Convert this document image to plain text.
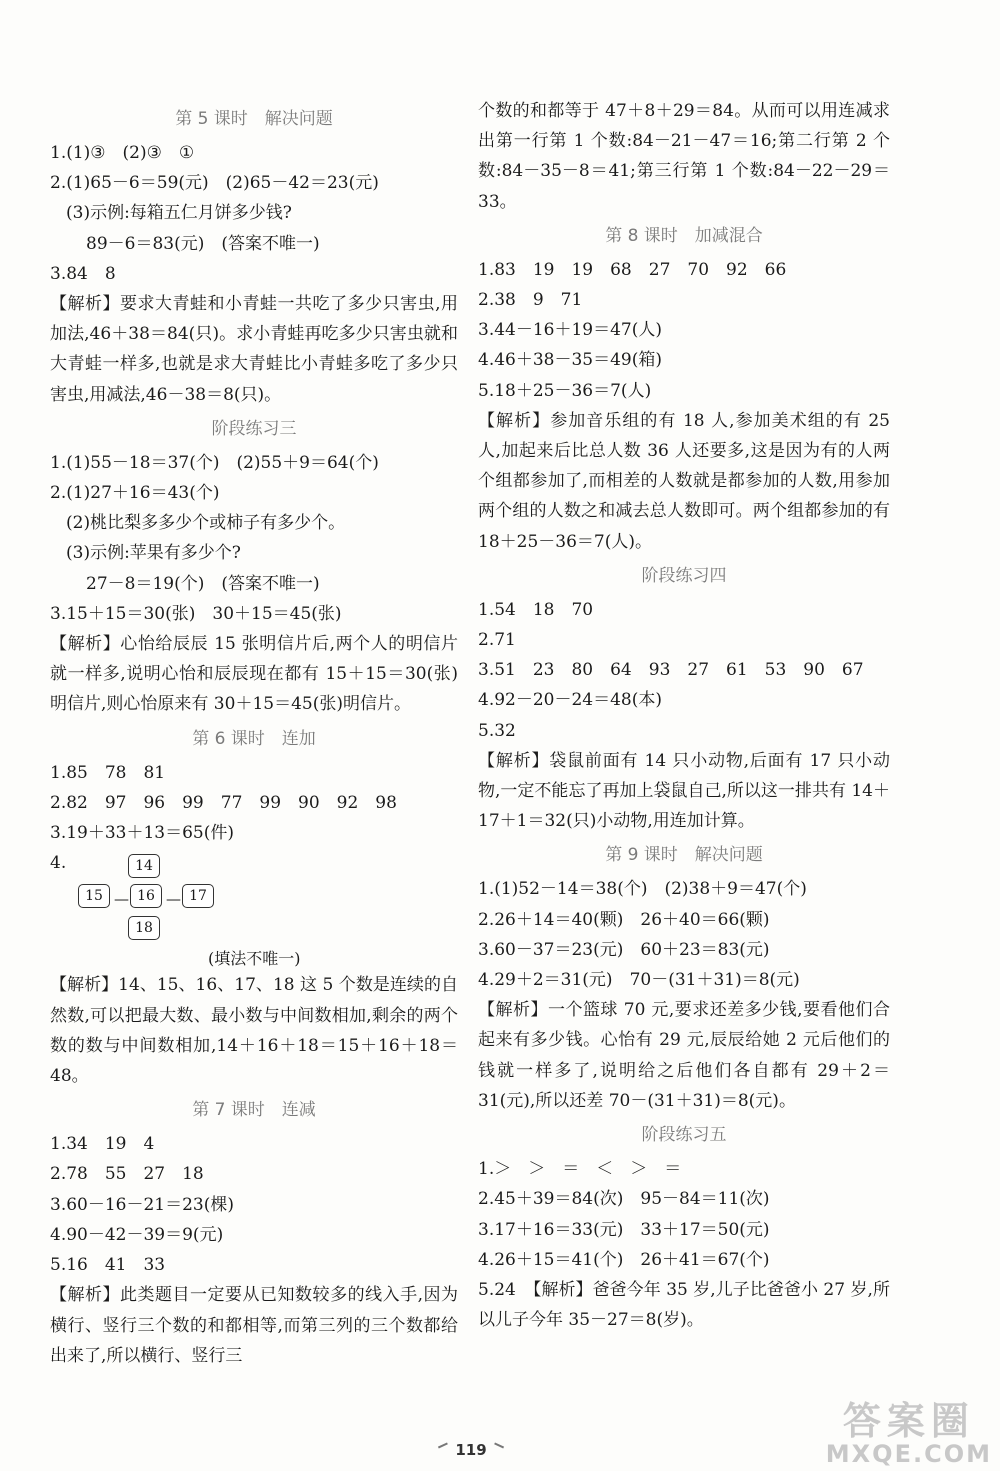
第 5 课时　解决问题
1.(1)③　(2)③　①
2.(1)65－6＝59(元)　(2)65－42＝23(元)
(3)示例:每箱五仁月饼多少钱?
89－6＝83(元)　(答案不唯一)
3.84　8
【解析】要求大青蛙和小青蛙一共吃了多少只害虫,用加法,46＋38＝84(只)。求小青蛙再吃多少只害虫就和大青蛙一样多,也就是求大青蛙比小青蛙多吃了多少只害虫,用减法,46－38＝8(只)。
阶段练习三
1.(1)55－18＝37(个)　(2)55＋9＝64(个)
2.(1)27＋16＝43(个)
(2)桃比梨多多少个或柿子有多少个。
(3)示例:苹果有多少个?
27－8＝19(个)　(答案不唯一)
3.15＋15＝30(张)　30＋15＝45(张)
【解析】心怡给辰辰 15 张明信片后,两个人的明信片就一样多,说明心怡和辰辰现在都有 15＋15＝30(张)明信片,则心怡原来有 30＋15＝45(张)明信片。
第 6 课时　连加
1.85　78　81
2.82　97　96　99　77　99　90　92　98
3.19＋33＋13＝65(件)
4.	14
15 — 16 — 17
18
(填法不唯一)
【解析】14、15、16、17、18 这 5 个数是连续的自然数,可以把最大数、最小数与中间数相加,剩余的两个数的数与中间数相加,14＋16＋18＝15＋16＋18＝48。
第 7 课时　连减
1.34　19　4
2.78　55　27　18
3.60－16－21＝23(棵)
4.90－42－39＝9(元)
5.16　41　33
【解析】此类题目一定要从已知数较多的线入手,因为横行、竖行三个数的和都相等,而第三列的三个数都给出来了,所以横行、竖行三
个数的和都等于 47＋8＋29＝84。从而可以用连减求出第一行第 1 个数:84－21－47＝16;第二行第 2 个数:84－35－8＝41;第三行第 1 个数:84－22－29＝33。
第 8 课时　加减混合
1.83　19　19　68　27　70　92　66
2.38　9　71
3.44－16＋19＝47(人)
4.46＋38－35＝49(箱)
5.18＋25－36＝7(人)
【解析】参加音乐组的有 18 人,参加美术组的有 25 人,加起来后比总人数 36 人还要多,这是因为有的人两个组都参加了,而相差的人数就是都参加的人数,用参加两个组的人数之和减去总人数即可。两个组都参加的有 18＋25－36＝7(人)。
阶段练习四
1.54　18　70
2.71
3.51　23　80　64　93　27　61　53　90　67
4.92－20－24＝48(本)
5.32
【解析】袋鼠前面有 14 只小动物,后面有 17 只小动物,一定不能忘了再加上袋鼠自己,所以这一排共有 14＋17＋1＝32(只)小动物,用连加计算。
第 9 课时　解决问题
1.(1)52－14＝38(个)　(2)38＋9＝47(个)
2.26＋14＝40(颗)　26＋40＝66(颗)
3.60－37＝23(元)　60＋23＝83(元)
4.29＋2＝31(元)　70－(31＋31)＝8(元)
【解析】一个篮球 70 元,要求还差多少钱,要看他们合起来有多少钱。心怡有 29 元,辰辰给她 2 元后他们的钱就一样多了,说明给之后他们各自都有 29＋2＝31(元),所以还差 70－(31＋31)＝8(元)。
阶段练习五
1.＞　＞　＝　＜　＞　＝
2.45＋39＝84(次)　95－84＝11(次)
3.17＋16＝33(元)　33＋17＝50(元)
4.26＋15＝41(个)　26＋41＝67(个)
5.24　【解析】爸爸今年 35 岁,儿子比爸爸小 27 岁,所以儿子今年 35－27＝8(岁)。
119
答案圈
MXQE.COM
